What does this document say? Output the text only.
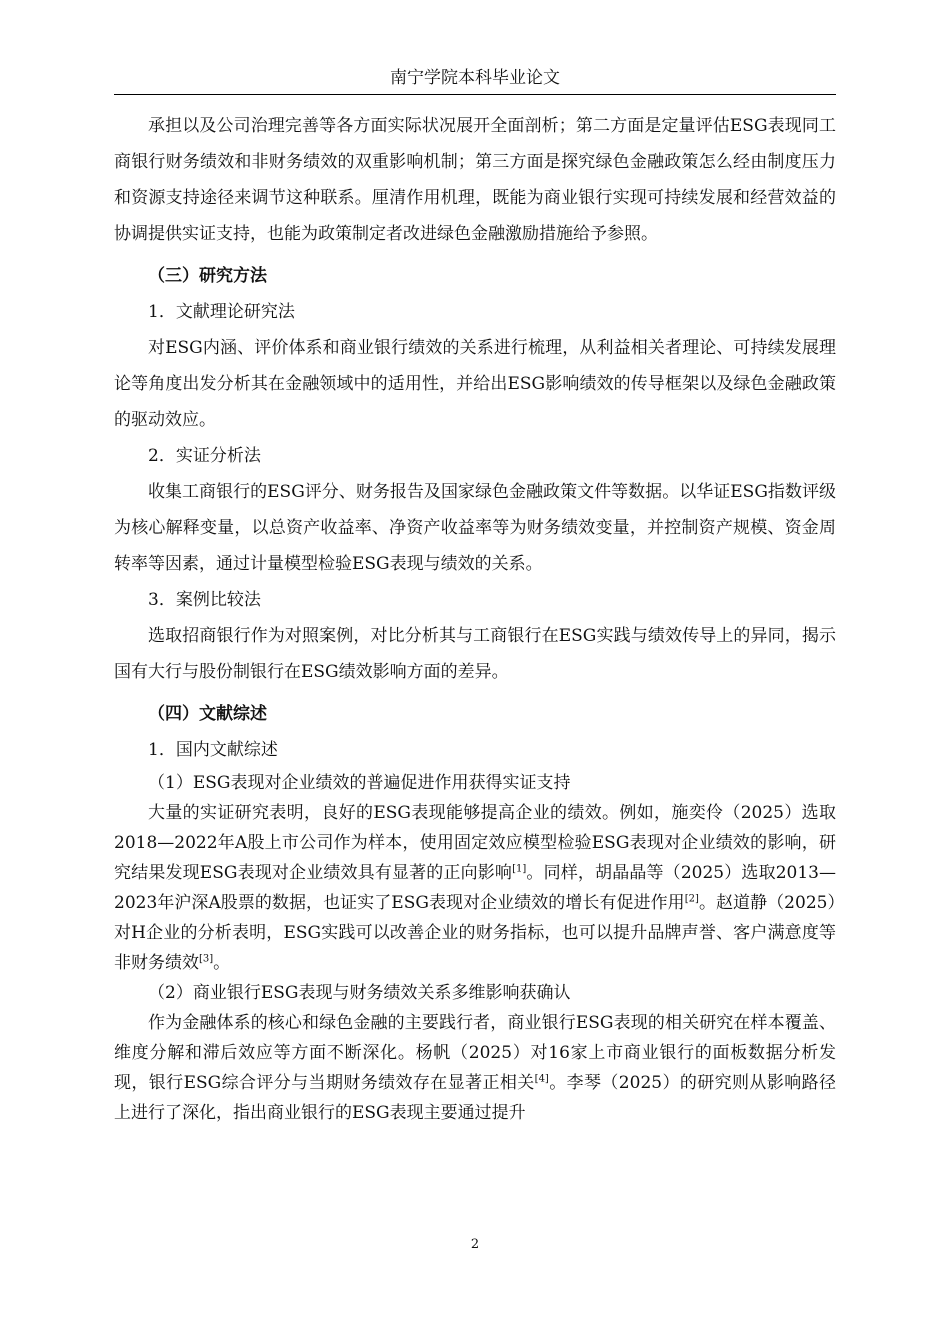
南宁学院本科毕业论文

承担以及公司治理完善等各方面实际状况展开全面剖析；第二方面是定量评估ESG表现同工商银行财务绩效和非财务绩效的双重影响机制；第三方面是探究绿色金融政策怎么经由制度压力和资源支持途径来调节这种联系。厘清作用机理，既能为商业银行实现可持续发展和经营效益的协调提供实证支持，也能为政策制定者改进绿色金融激励措施给予参照。

（三）研究方法

1．文献理论研究法

对ESG内涵、评价体系和商业银行绩效的关系进行梳理，从利益相关者理论、可持续发展理论等角度出发分析其在金融领域中的适用性，并给出ESG影响绩效的传导框架以及绿色金融政策的驱动效应。

2．实证分析法

收集工商银行的ESG评分、财务报告及国家绿色金融政策文件等数据。以华证ESG指数评级为核心解释变量，以总资产收益率、净资产收益率等为财务绩效变量，并控制资产规模、资金周转率等因素，通过计量模型检验ESG表现与绩效的关系。

3．案例比较法

选取招商银行作为对照案例，对比分析其与工商银行在ESG实践与绩效传导上的异同，揭示国有大行与股份制银行在ESG绩效影响方面的差异。

（四）文献综述

1．国内文献综述

（1）ESG表现对企业绩效的普遍促进作用获得实证支持

大量的实证研究表明，良好的ESG表现能够提高企业的绩效。例如，施奕伶（2025）选取2018—2022年A股上市公司作为样本，使用固定效应模型检验ESG表现对企业绩效的影响，研究结果发现ESG表现对企业绩效具有显著的正向影响[1]。同样，胡晶晶等（2025）选取2013—2023年沪深A股票的数据，也证实了ESG表现对企业绩效的增长有促进作用[2]。赵道静（2025）对H企业的分析表明，ESG实践可以改善企业的财务指标，也可以提升品牌声誉、客户满意度等非财务绩效[3]。

（2）商业银行ESG表现与财务绩效关系多维影响获确认

作为金融体系的核心和绿色金融的主要践行者，商业银行ESG表现的相关研究在样本覆盖、维度分解和滞后效应等方面不断深化。杨帆（2025）对16家上市商业银行的面板数据分析发现，银行ESG综合评分与当期财务绩效存在显著正相关[4]。李琴（2025）的研究则从影响路径上进行了深化，指出商业银行的ESG表现主要通过提升

2
